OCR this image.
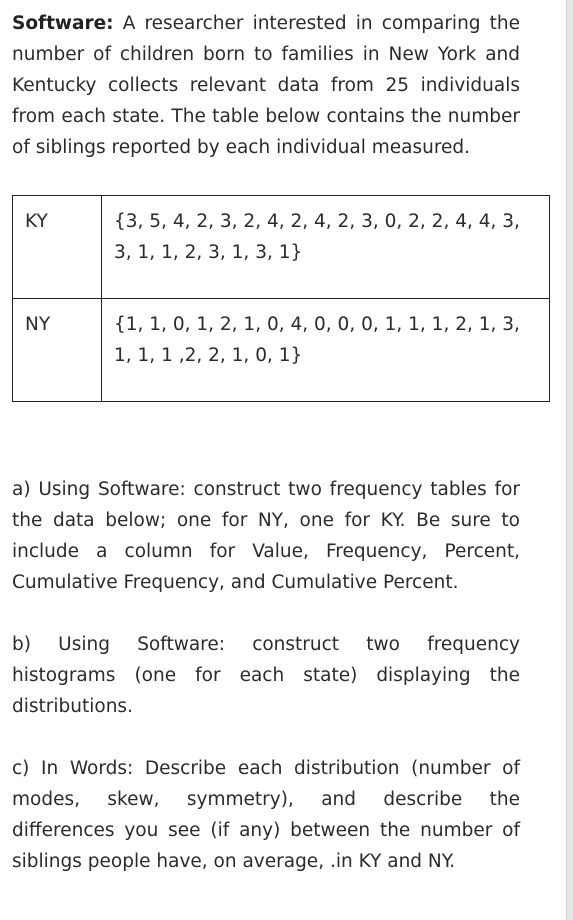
Software: A researcher interested in comparing the number of children born to families in New York and Kentucky collects relevant data from 25 individuals from each state. The table below contains the number of siblings reported by each individual measured.

KY	{3, 5, 4, 2, 3, 2, 4, 2, 4, 2, 3, 0, 2, 2, 4, 4, 3, 3, 1, 1, 2, 3, 1, 3, 1}
NY	{1, 1, 0, 1, 2, 1, 0, 4, 0, 0, 0, 1, 1, 1, 2, 1, 3, 1, 1, 1 ,2, 2, 1, 0, 1}

a) Using Software: construct two frequency tables for the data below; one for NY, one for KY. Be sure to include a column for Value, Frequency, Percent, Cumulative Frequency, and Cumulative Percent.

b) Using Software: construct two frequency histograms (one for each state) displaying the distributions.

c) In Words: Describe each distribution (number of modes, skew, symmetry), and describe the differences you see (if any) between the number of siblings people have, on average, .in KY and NY.
